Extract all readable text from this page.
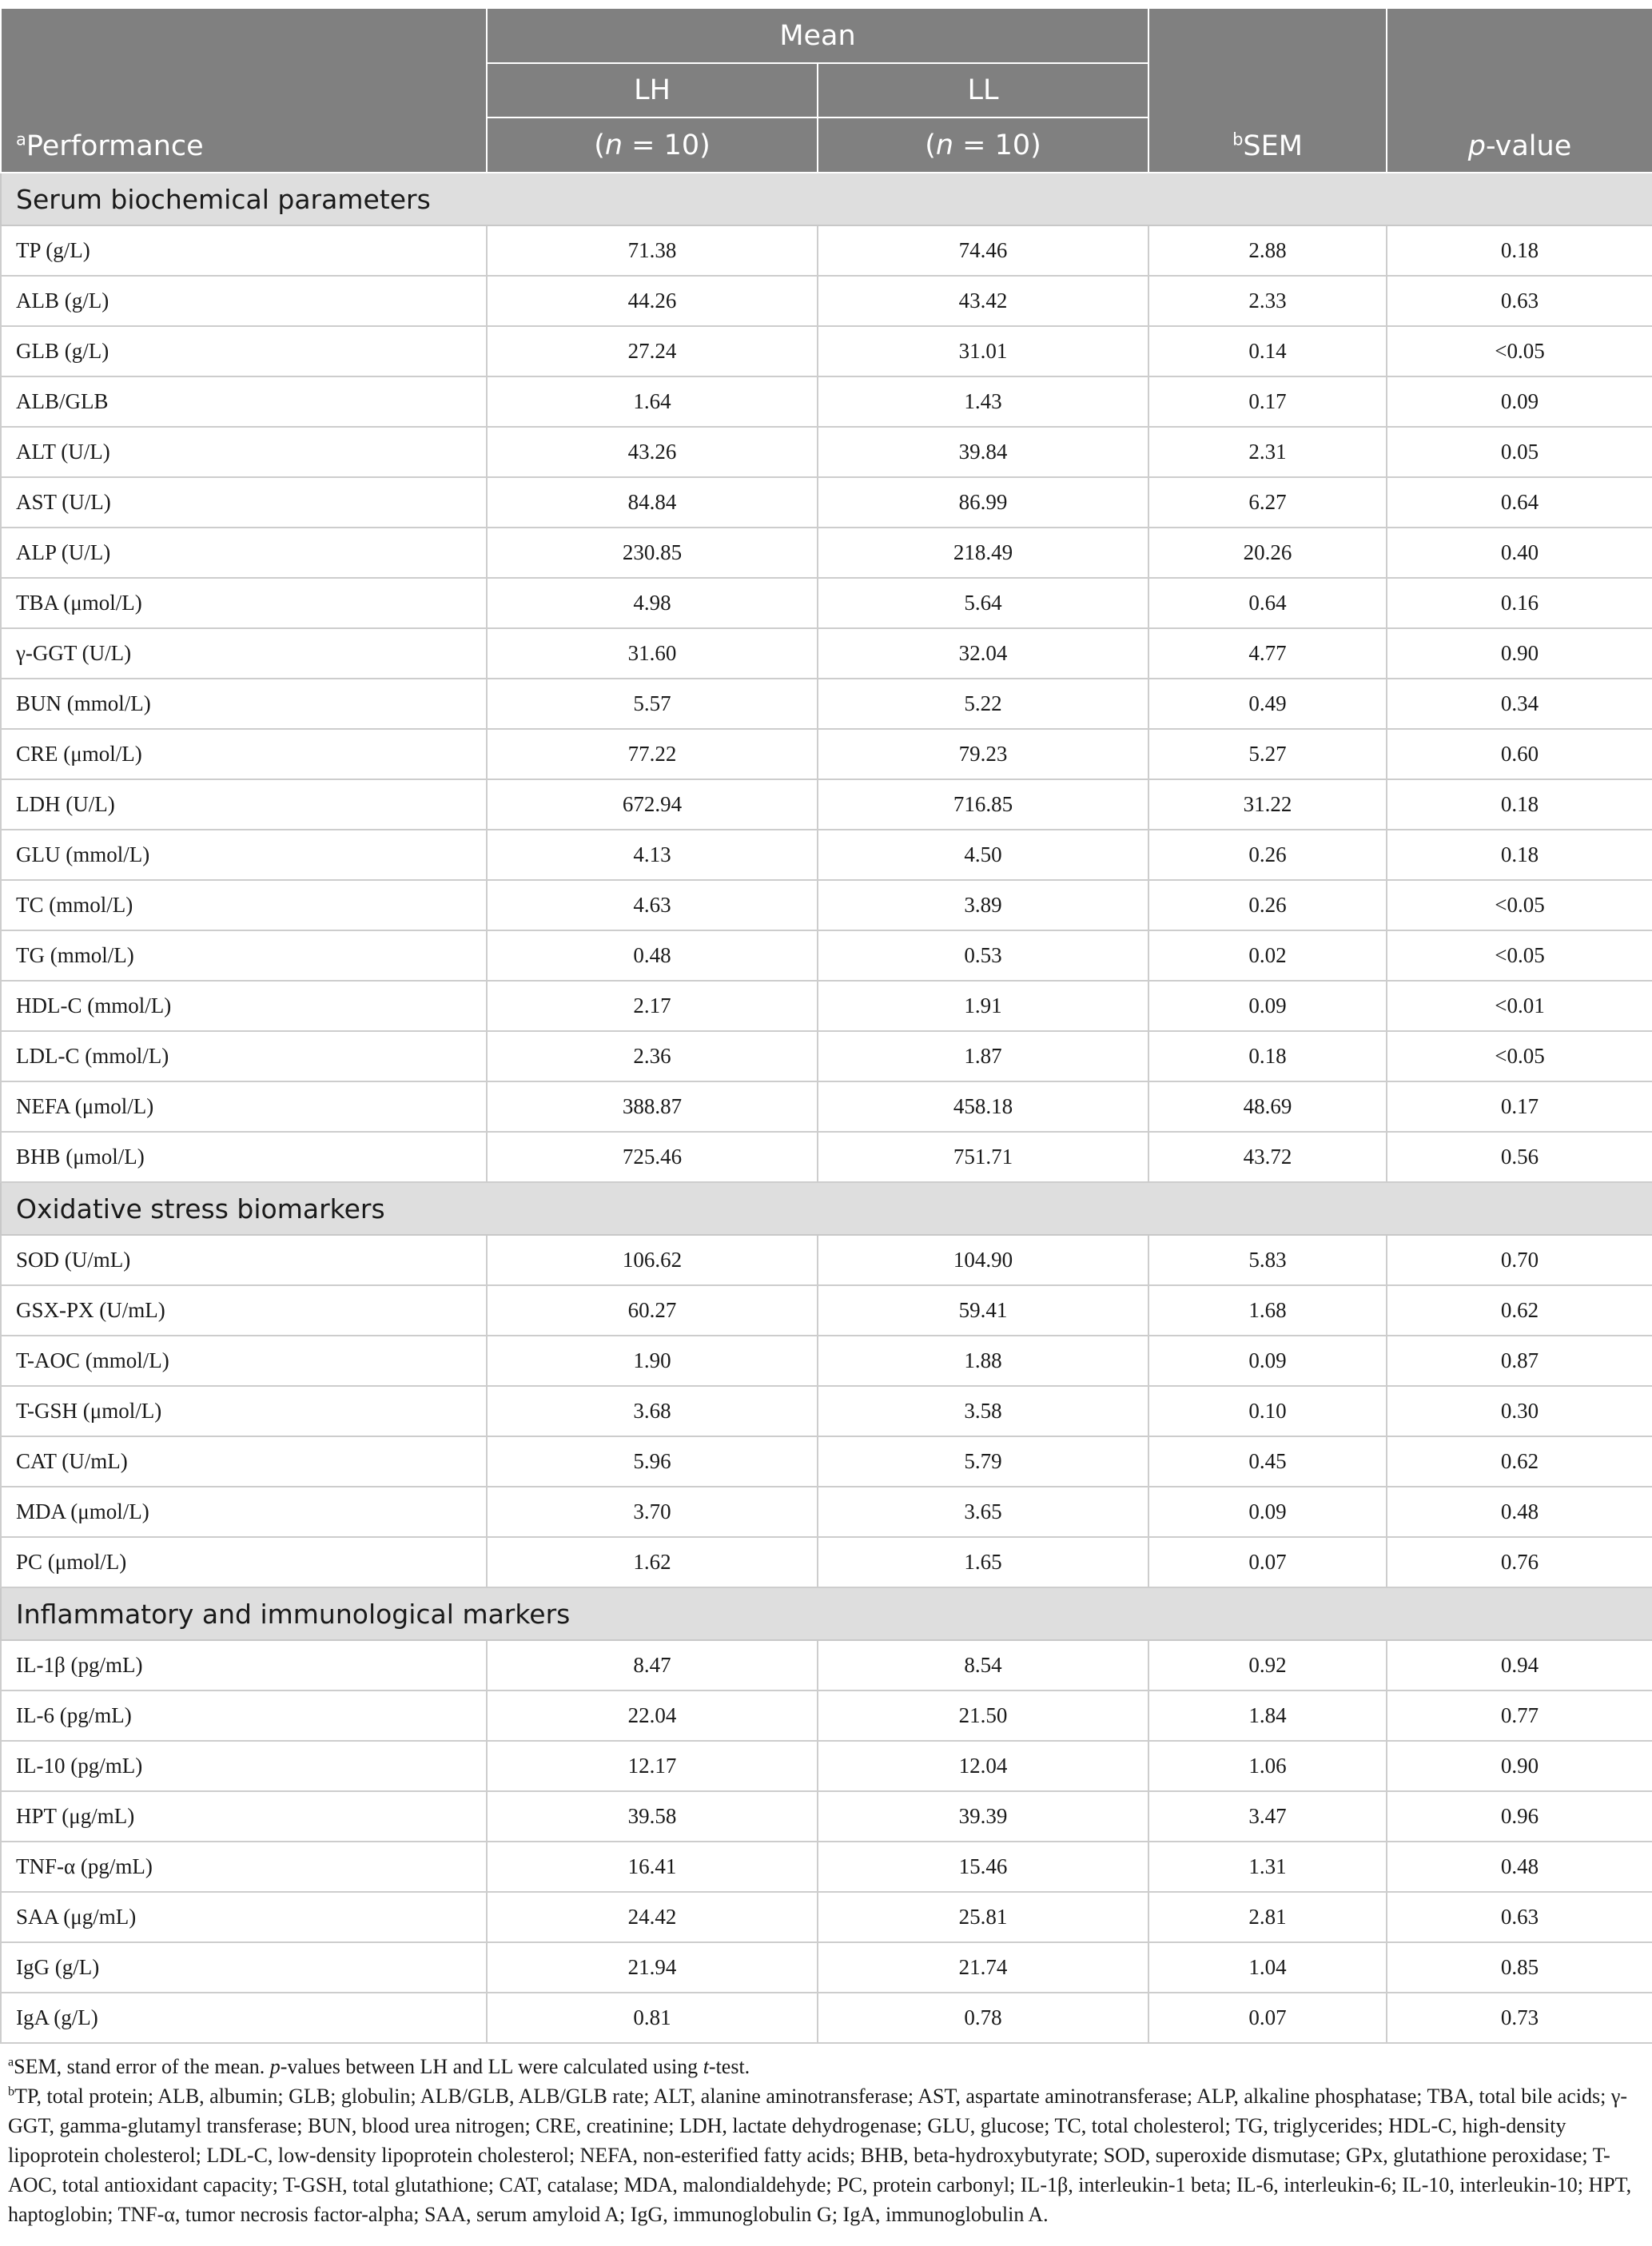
$^a$Performance	Mean		$^b$SEM	p-value
	LH	LL		
	(n = 10)	(n = 10)		
Serum biochemical parameters				
TP (g/L)	71.38	74.46	2.88	0.18
ALB (g/L)	44.26	43.42	2.33	0.63
GLB (g/L)	27.24	31.01	0.14	<0.05
ALB/GLB	1.64	1.43	0.17	0.09
ALT (U/L)	43.26	39.84	2.31	0.05
AST (U/L)	84.84	86.99	6.27	0.64
ALP (U/L)	230.85	218.49	20.26	0.40
TBA (μmol/L)	4.98	5.64	0.64	0.16
γ-GGT (U/L)	31.60	32.04	4.77	0.90
BUN (mmol/L)	5.57	5.22	0.49	0.34
CRE (μmol/L)	77.22	79.23	5.27	0.60
LDH (U/L)	672.94	716.85	31.22	0.18
GLU (mmol/L)	4.13	4.50	0.26	0.18
TC (mmol/L)	4.63	3.89	0.26	<0.05
TG (mmol/L)	0.48	0.53	0.02	<0.05
HDL-C (mmol/L)	2.17	1.91	0.09	<0.01
LDL-C (mmol/L)	2.36	1.87	0.18	<0.05
NEFA (μmol/L)	388.87	458.18	48.69	0.17
BHB (μmol/L)	725.46	751.71	43.72	0.56
Oxidative stress biomarkers				
SOD (U/mL)	106.62	104.90	5.83	0.70
GSX-PX (U/mL)	60.27	59.41	1.68	0.62
T-AOC (mmol/L)	1.90	1.88	0.09	0.87
T-GSH (μmol/L)	3.68	3.58	0.10	0.30
CAT (U/mL)	5.96	5.79	0.45	0.62
MDA (μmol/L)	3.70	3.65	0.09	0.48
PC (μmol/L)	1.62	1.65	0.07	0.76
Inflammatory and immunological markers				
IL-1β (pg/mL)	8.47	8.54	0.92	0.94
IL-6 (pg/mL)	22.04	21.50	1.84	0.77
IL-10 (pg/mL)	12.17	12.04	1.06	0.90
HPT (μg/mL)	39.58	39.39	3.47	0.96
TNF-α (pg/mL)	16.41	15.46	1.31	0.48
SAA (μg/mL)	24.42	25.81	2.81	0.63
IgG (g/L)	21.94	21.74	1.04	0.85
IgA (g/L)	0.81	0.78	0.07	0.73

$^a$SEM, stand error of the mean. p-values between LH and LL were calculated using t-test.

$^b$TP, total protein; ALB, albumin; GLB; globulin; ALB/GLB, ALB/GLB rate; ALT, alanine aminotransferase; AST, aspartate aminotransferase; ALP, alkaline phosphatase; TBA, total bile acids; γ-GGT, gamma-glutamyl transferase; BUN, blood urea nitrogen; CRE, creatinine; LDH, lactate dehydrogenase; GLU, glucose; TC, total cholesterol; TG, triglycerides; HDL-C, high-density lipoprotein cholesterol; LDL-C, low-density lipoprotein cholesterol; NEFA, non-esterified fatty acids; BHB, beta-hydroxybutyrate; SOD, superoxide dismutase; GPx, glutathione peroxidase; T-AOC, total antioxidant capacity; T-GSH, total glutathione; CAT, catalase; MDA, malondialdehyde; PC, protein carbonyl; IL-1β, interleukin-1 beta; IL-6, interleukin-6; IL-10, interleukin-10; HPT, haptoglobin; TNF-α, tumor necrosis factor-alpha; SAA, serum amyloid A; IgG, immunoglobulin G; IgA, immunoglobulin A.
